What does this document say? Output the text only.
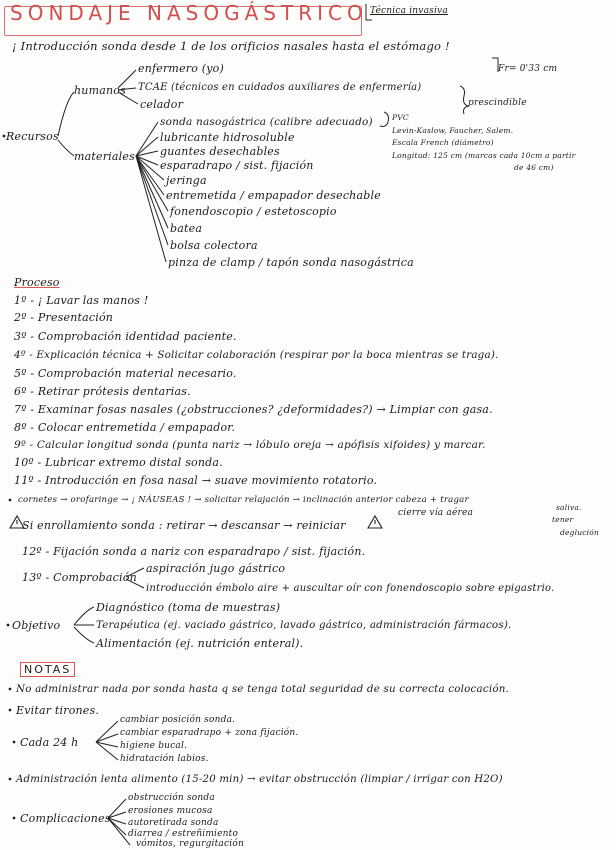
SONDAJE NASOGÁSTRICO Técnica invasiva
¡ Introducción sonda desde 1 de los orificios nasales hasta el estómago !
Fr= 0'33 cm
Recursos
humanos
enfermero (yo)
TCAE (técnicos en cuidados auxiliares de enfermería)
celador	prescindible
materiales
sonda nasogástrica (calibre adecuado)
lubricante hidrosoluble
guantes desechables
esparadrapo / sist. fijación
jeringa
entremetida / empapador desechable
fonendoscopio / estetoscopio
batea
bolsa colectora
pinza de clamp / tapón sonda nasogástrica
PVC
Levin-Kaslow, Faucher, Salem.
Escala French (diámetro)
Longitud: 125 cm (marcas cada 10cm a partir
de 46 cm)
Proceso
1º - ¡ Lavar las manos !
2º - Presentación
3º - Comprobación identidad paciente.
4º - Explicación técnica + Solicitar colaboración (respirar por la boca mientras se traga).
5º - Comprobación material necesario.
6º - Retirar prótesis dentarias.
7º - Examinar fosas nasales (¿obstrucciones? ¿deformidades?) → Limpiar con gasa.
8º - Colocar entremetida / empapador.
9º - Calcular longitud sonda (punta nariz → lóbulo oreja → apófisis xifoides) y marcar.
10º - Lubricar extremo distal sonda.
11º - Introducción en fosa nasal → suave movimiento rotatorio.
cornetes → orofaringe → ¡ NÁUSEAS ! → solicitar relajación → inclinación anterior cabeza + tragar
saliva.
cierre vía aérea
tener
deglución
Si enrollamiento sonda : retirar → descansar → reiniciar
12º - Fijación sonda a nariz con esparadrapo / sist. fijación.
13º - Comprobación
aspiración jugo gástrico
introducción émbolo aire + auscultar oír con fonendoscopio sobre epigastrio.
Objetivo
Diagnóstico (toma de muestras)
Terapéutica (ej. vaciado gástrico, lavado gástrico, administración fármacos).
Alimentación (ej. nutrición enteral).
NOTAS
No administrar nada por sonda hasta q se tenga total seguridad de su correcta colocación.
Evitar tirones.
Cada 24 h
cambiar posición sonda.
cambiar esparadrapo + zona fijación.
higiene bucal.
hidratación labios.
Administración lenta alimento (15-20 min) → evitar obstrucción (limpiar / irrigar con H2O)
Complicaciones
obstrucción sonda
erosiones mucosa
autoretirada sonda
diarrea / estreñimiento
vómitos, regurgitación
